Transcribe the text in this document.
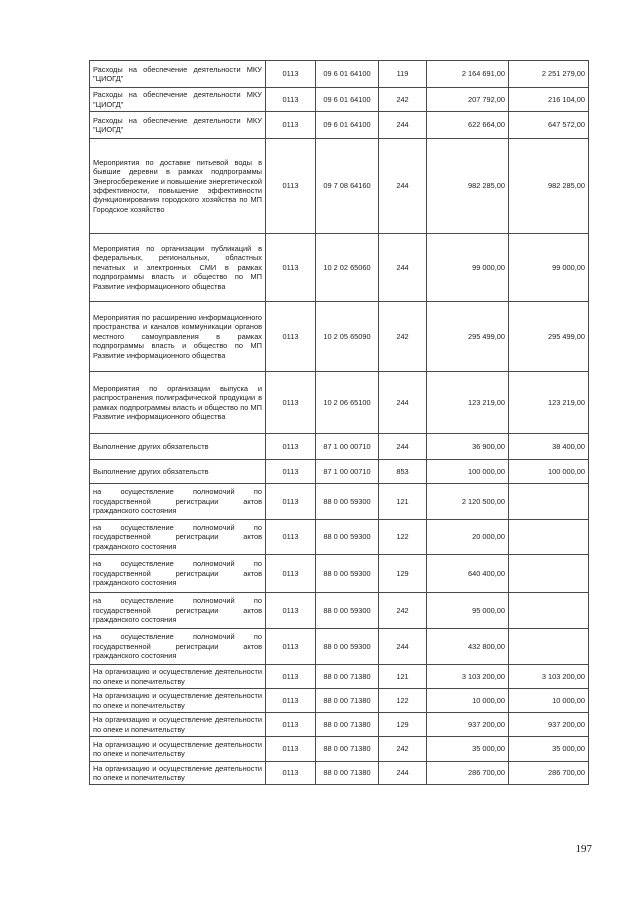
Расходы на обеспечение деятельности МКУ "ЦИОГД"	0113	09 6 01 64100	119	2 164 691,00	2 251 279,00
Расходы на обеспечение деятельности МКУ "ЦИОГД"	0113	09 6 01 64100	242	207 792,00	216 104,00
Расходы на обеспечение деятельности МКУ "ЦИОГД"	0113	09 6 01 64100	244	622 664,00	647 572,00
Мероприятия по доставке питьевой воды в бывшие деревни в рамках подпрограммы Энергосбережение и повышение энергетической эффективности, повышение эффективности функционирования городского хозяйства по МП Городское хозяйство	0113	09 7 08 64160	244	982 285,00	982 285,00
Мероприятия по организации публикаций в федеральных, региональных, областных печатных и электронных СМИ в рамках подпрограммы власть и общество по МП Развитие информационного общества	0113	10 2 02 65060	244	99 000,00	99 000,00
Мероприятия по расширению информационного пространства и каналов коммуникации органов местного самоуправления в рамках подпрограммы власть и общество по МП Развитие информационного общества	0113	10 2 05 65090	242	295 499,00	295 499,00
Мероприятия по организации выпуска и распространения полиграфической продукции в рамках подпрограммы власть и общество по МП Развитие информационного общества	0113	10 2 06 65100	244	123 219,00	123 219,00
Выполнение других обязательств	0113	87 1 00 00710	244	36 900,00	38 400,00
Выполнение других обязательств	0113	87 1 00 00710	853	100 000,00	100 000,00
на осуществление полномочий по государственной регистрации актов гражданского состояния	0113	88 0 00 59300	121	2 120 500,00	
на осуществление полномочий по государственной регистрации актов гражданского состояния	0113	88 0 00 59300	122	20 000,00	
на осуществление полномочий по государственной регистрации актов гражданского состояния	0113	88 0 00 59300	129	640 400,00	
на осуществление полномочий по государственной регистрации актов гражданского состояния	0113	88 0 00 59300	242	95 000,00	
на осуществление полномочий по государственной регистрации актов гражданского состояния	0113	88 0 00 59300	244	432 800,00	
На организацию и осуществление деятельности по опеке и попечительству	0113	88 0 00 71380	121	3 103 200,00	3 103 200,00
На организацию и осуществление деятельности по опеке и попечительству	0113	88 0 00 71380	122	10 000,00	10 000,00
На организацию и осуществление деятельности по опеке и попечительству	0113	88 0 00 71380	129	937 200,00	937 200,00
На организацию и осуществление деятельности по опеке и попечительству	0113	88 0 00 71380	242	35 000,00	35 000,00
На организацию и осуществление деятельности по опеке и попечительству	0113	88 0 00 71380	244	286 700,00	286 700,00
197
